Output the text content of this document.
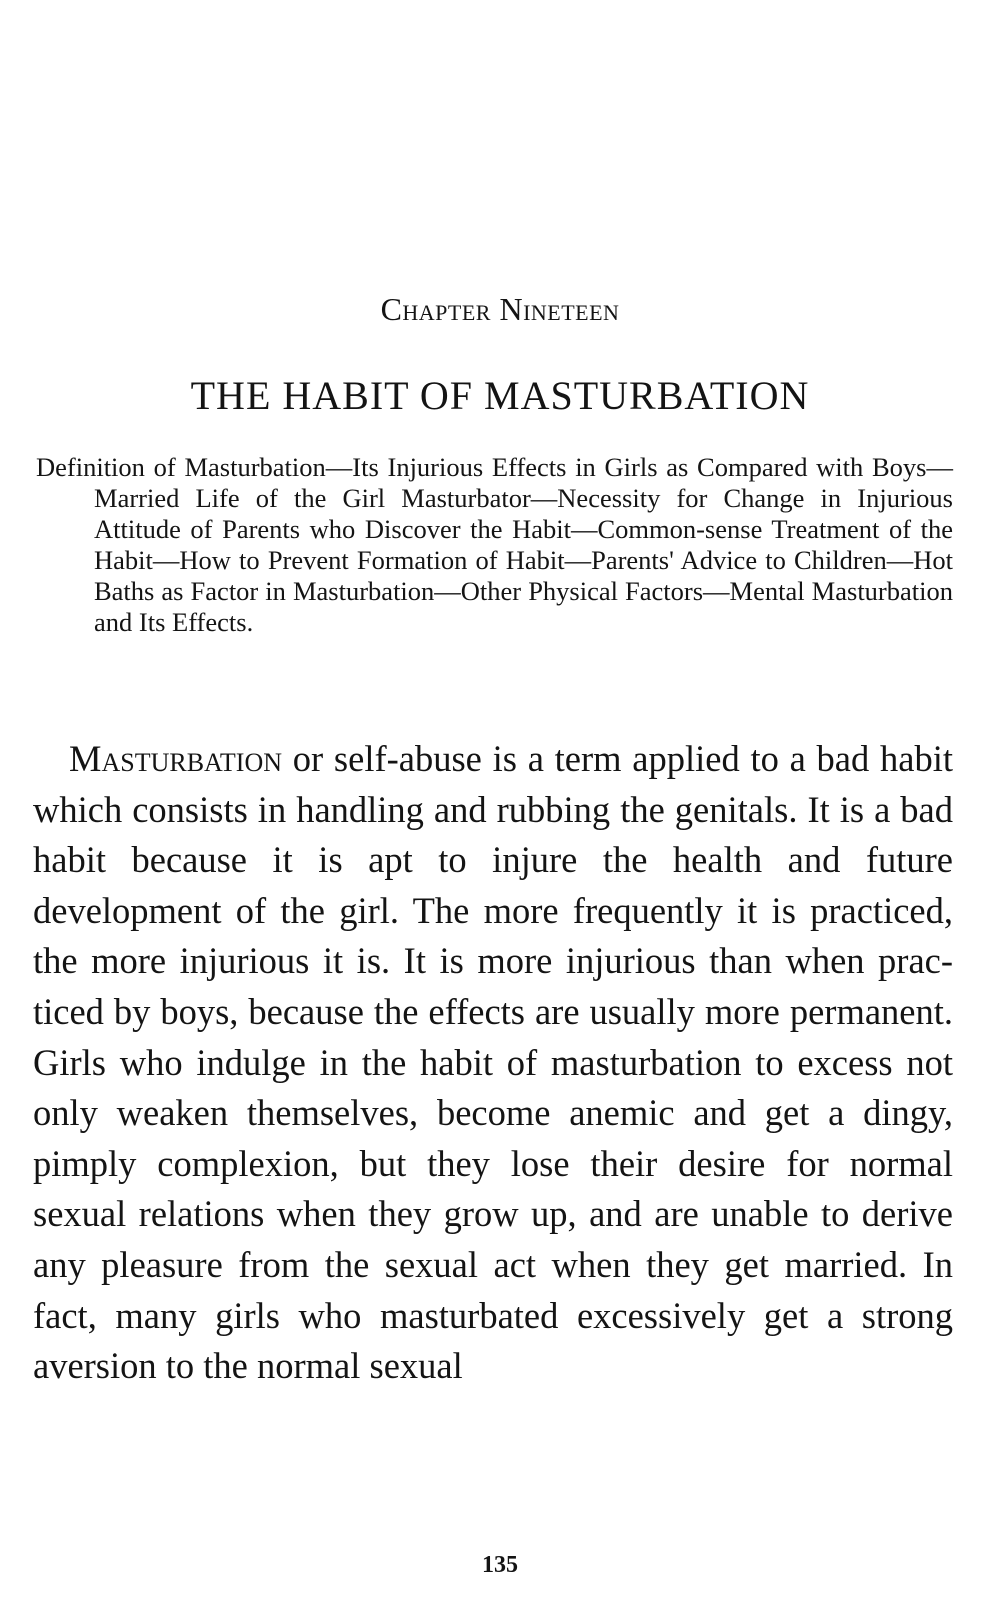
Chapter Nineteen
THE HABIT OF MASTURBATION
Definition of Masturbation—Its Injurious Effects in Girls as Compared with Boys—Married Life of the Girl Masturbator—Necessity for Change in Injurious Attitude of Parents who Discover the Habit—Common-sense Treatment of the Habit—How to Prevent Formation of Habit—Parents' Advice to Children—Hot Baths as Factor in Masturbation—Other Physical Factors—Mental Masturbation and Its Effects.
Masturbation or self-abuse is a term applied to a bad habit which consists in handling and rubbing the genitals. It is a bad habit because it is apt to injure the health and future development of the girl. The more frequently it is practiced, the more injurious it is. It is more injurious than when practiced by boys, because the effects are usually more permanent. Girls who indulge in the habit of masturbation to excess not only weaken themselves, become anemic and get a dingy, pimply complexion, but they lose their desire for normal sexual relations when they grow up, and are unable to derive any pleasure from the sexual act when they get married. In fact, many girls who masturbated excessively get a strong aversion to the normal sexual
135
